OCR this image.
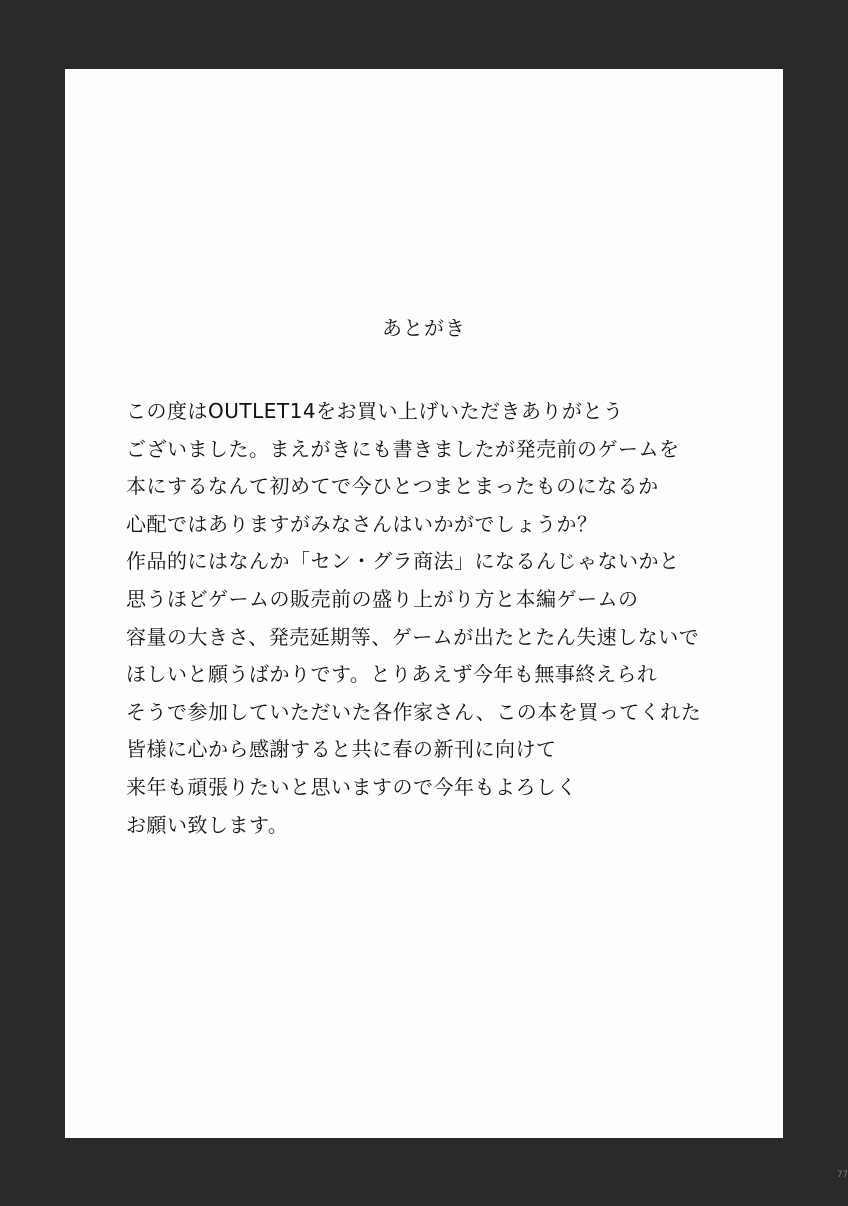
あとがき
この度はOUTLET14をお買い上げいただきありがとう
ございました。まえがきにも書きましたが発売前のゲームを
本にするなんて初めてで今ひとつまとまったものになるか
心配ではありますがみなさんはいかがでしょうか？
作品的にはなんか「セン・グラ商法」になるんじゃないかと
思うほどゲームの販売前の盛り上がり方と本編ゲームの
容量の大きさ、発売延期等、ゲームが出たとたん失速しないで
ほしいと願うばかりです。とりあえず今年も無事終えられ
そうで参加していただいた各作家さん、この本を買ってくれた
皆様に心から感謝すると共に春の新刊に向けて
来年も頑張りたいと思いますので今年もよろしく
お願い致します。
77
